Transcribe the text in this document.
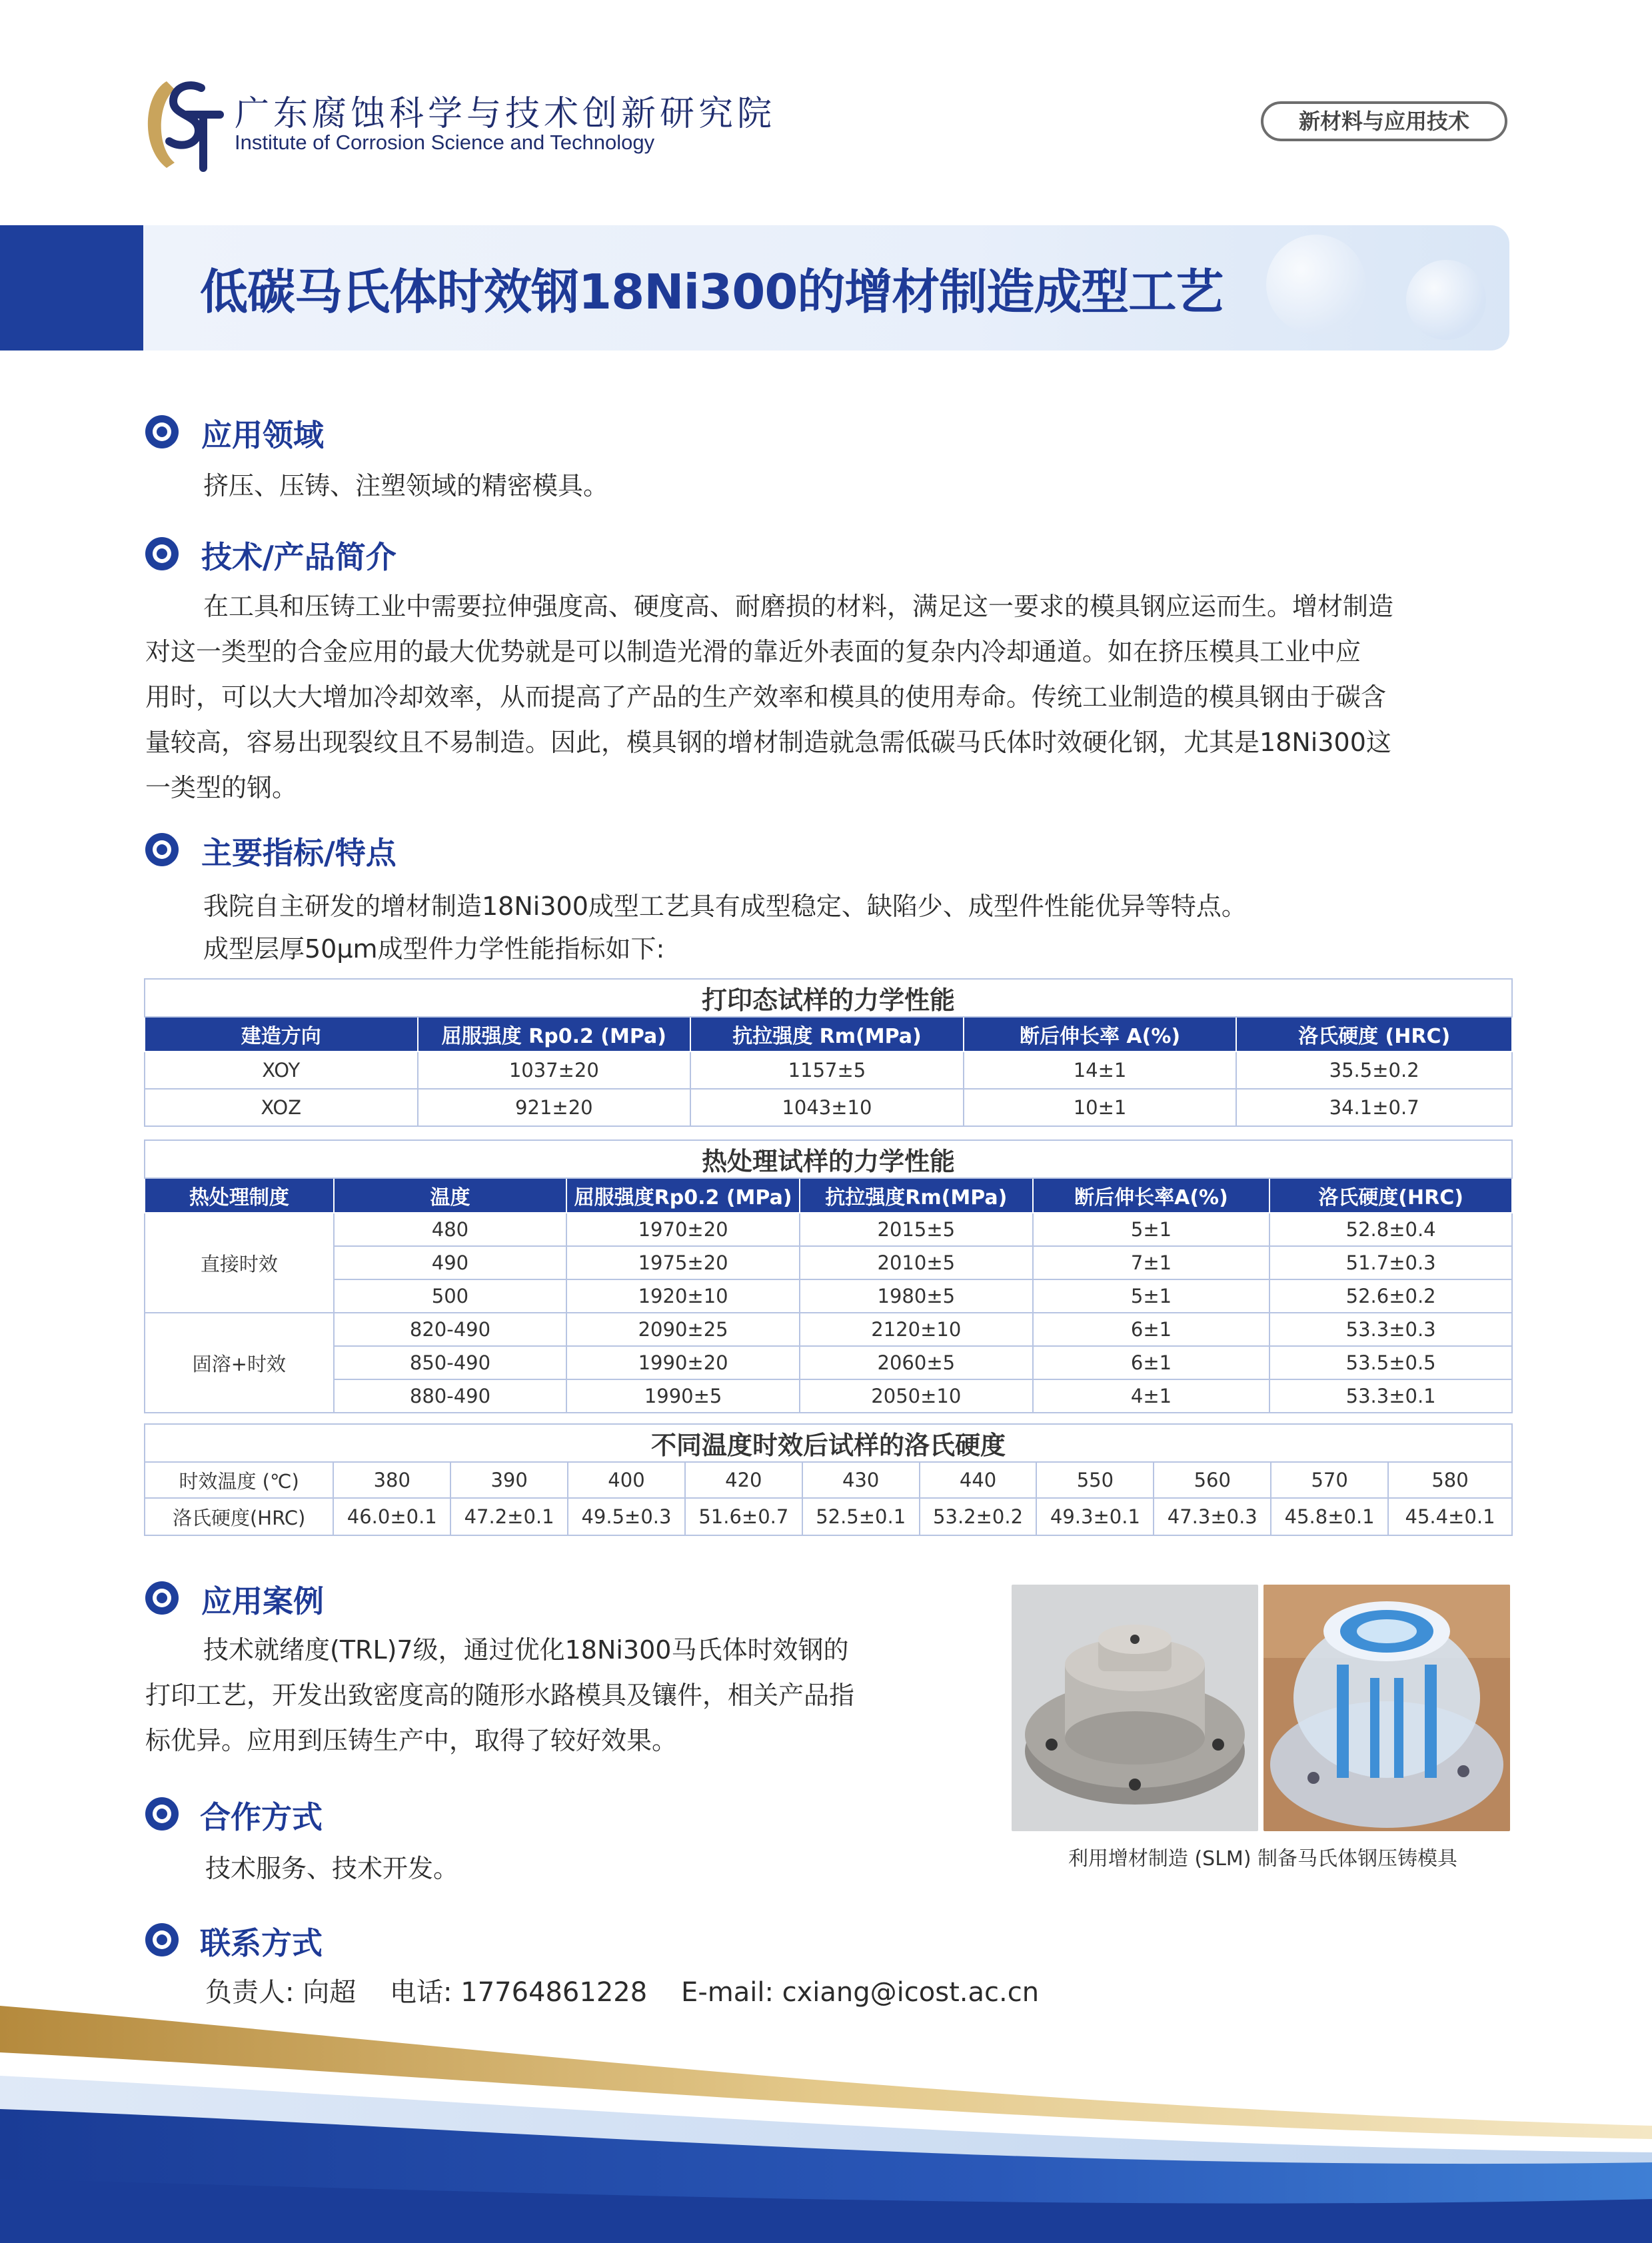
广东腐蚀科学与技术创新研究院
Institute of Corrosion Science and Technology
新材料与应用技术
低碳马氏体时效钢18Ni300的增材制造成型工艺
应用领域
挤压、压铸、注塑领域的精密模具。
技术/产品简介
在工具和压铸工业中需要拉伸强度高、硬度高、耐磨损的材料，满足这一要求的模具钢应运而生。增材制造
对这一类型的合金应用的最大优势就是可以制造光滑的靠近外表面的复杂内冷却通道。如在挤压模具工业中应
用时，可以大大增加冷却效率，从而提高了产品的生产效率和模具的使用寿命。传统工业制造的模具钢由于碳含
量较高，容易出现裂纹且不易制造。因此，模具钢的增材制造就急需低碳马氏体时效硬化钢，尤其是18Ni300这
一类型的钢。
主要指标/特点
我院自主研发的增材制造18Ni300成型工艺具有成型稳定、缺陷少、成型件性能优异等特点。
成型层厚50μm成型件力学性能指标如下:
打印态试样的力学性能				
建造方向	屈服强度 Rp0.2 (MPa)	抗拉强度 Rm(MPa)	断后伸长率 A(%)	洛氏硬度 (HRC)
XOY	1037±20	1157±5	14±1	35.5±0.2
XOZ	921±20	1043±10	10±1	34.1±0.7
热处理试样的力学性能					
热处理制度	温度	屈服强度Rp0.2 (MPa)	抗拉强度Rm(MPa)	断后伸长率A(%)	洛氏硬度(HRC)
直接时效	480	1970±20	2015±5	5±1	52.8±0.4
	490	1975±20	2010±5	7±1	51.7±0.3
	500	1920±10	1980±5	5±1	52.6±0.2
固溶+时效	820-490	2090±25	2120±10	6±1	53.3±0.3
	850-490	1990±20	2060±5	6±1	53.5±0.5
	880-490	1990±5	2050±10	4±1	53.3±0.1
不同温度时效后试样的洛氏硬度										
时效温度 (℃)	380	390	400	420	430	440	550	560	570	580
洛氏硬度(HRC)	46.0±0.1	47.2±0.1	49.5±0.3	51.6±0.7	52.5±0.1	53.2±0.2	49.3±0.1	47.3±0.3	45.8±0.1	45.4±0.1
应用案例
技术就绪度(TRL)7级，通过优化18Ni300马氏体时效钢的
打印工艺，开发出致密度高的随形水路模具及镶件，相关产品指
标优异。应用到压铸生产中，取得了较好效果。
利用增材制造 (SLM) 制备马氏体钢压铸模具
合作方式
技术服务、技术开发。
联系方式
负责人: 向超    电话: 17764861228    E-mail: cxiang@icost.ac.cn
